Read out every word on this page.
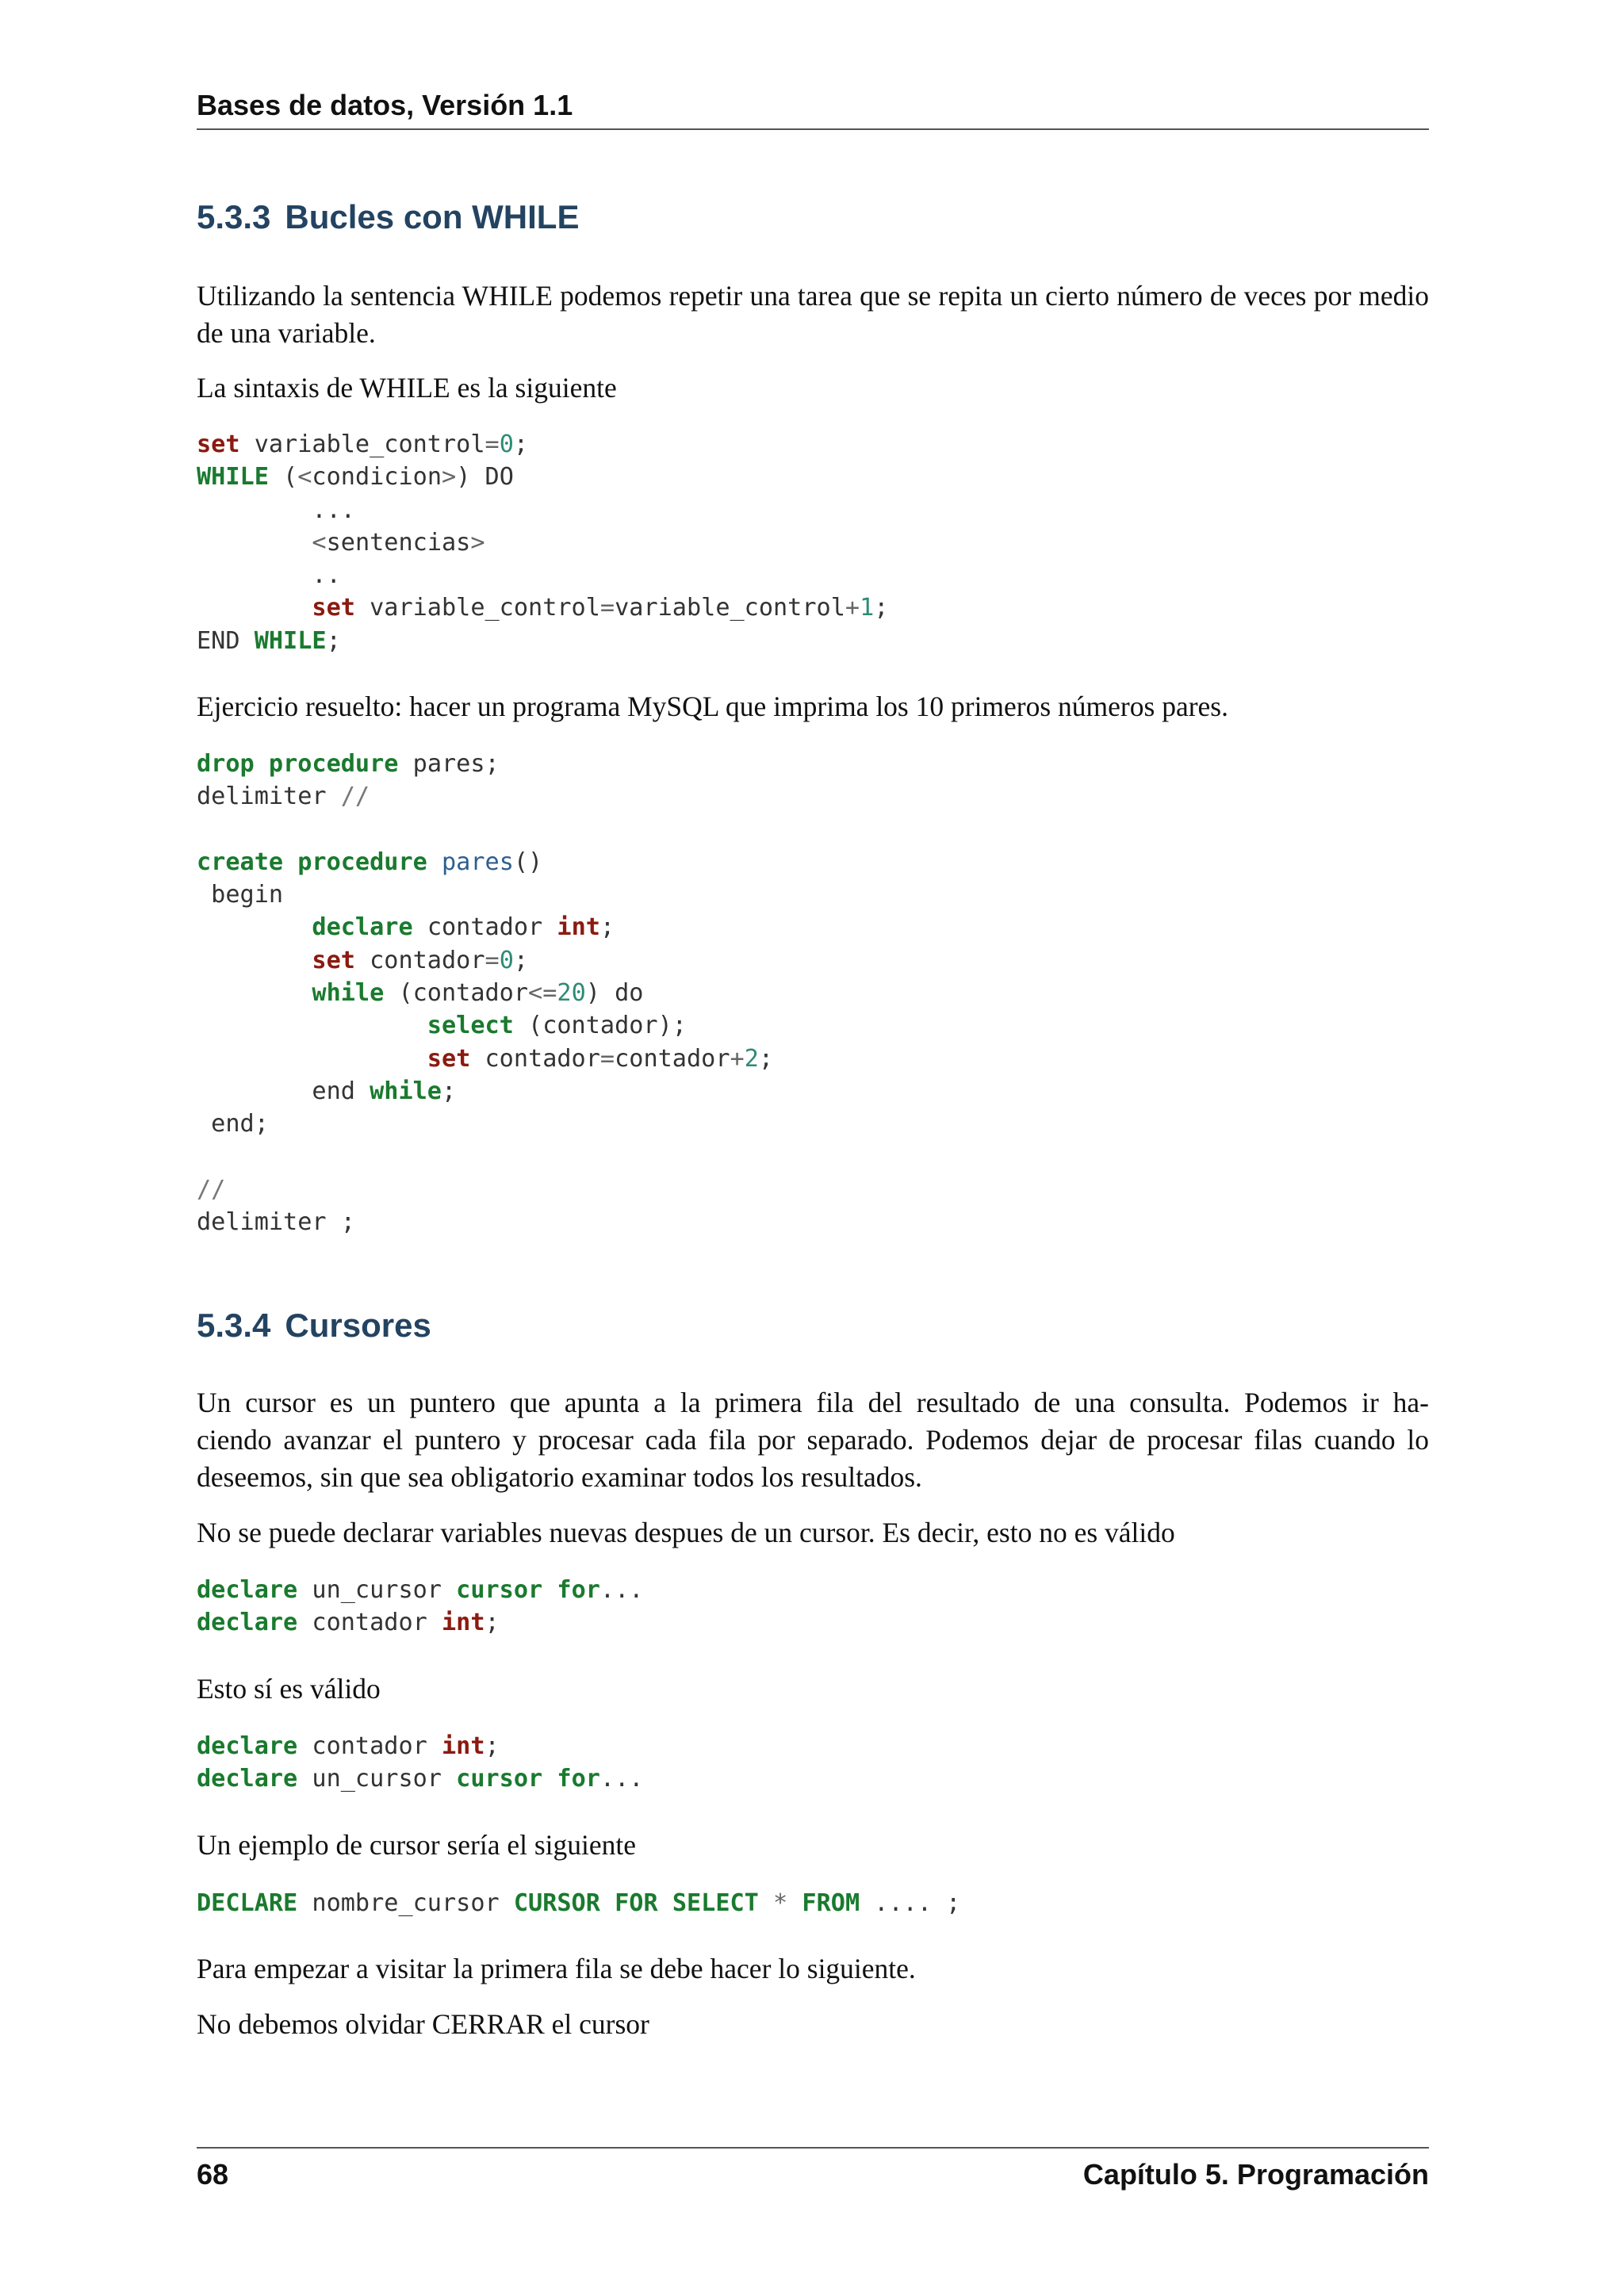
Bases de datos, Versión 1.1
5.3.3 Bucles con WHILE

Utilizando la sentencia WHILE podemos repetir una tarea que se repita un cierto número de veces por medio de una variable.

La sintaxis de WHILE es la siguiente

set variable_control=0;
WHILE (<condicion>) DO
...
<sentencias>
..
set variable_control=variable_control+1;
END WHILE;

Ejercicio resuelto: hacer un programa MySQL que imprima los 10 primeros números pares.

drop procedure pares;
delimiter //

create procedure pares()
begin
declare contador int;
set contador=0;
while (contador<=20) do
select (contador);
set contador=contador+2;
end while;
end;

//
delimiter ;
5.3.4 Cursores
Un cursor es un puntero que apunta a la primera fila del resultado de una consulta. Podemos ir ha-
ciendo avanzar el puntero y procesar cada fila por separado. Podemos dejar de procesar filas cuando lo
deseemos, sin que sea obligatorio examinar todos los resultados.

No se puede declarar variables nuevas despues de un cursor. Es decir, esto no es válido

declare un_cursor cursor for...
declare contador int;

Esto sí es válido

declare contador int;
declare un_cursor cursor for...

Un ejemplo de cursor sería el siguiente

DECLARE nombre_cursor CURSOR FOR SELECT * FROM .... ;

Para empezar a visitar la primera fila se debe hacer lo siguiente.

No debemos olvidar CERRAR el cursor

68	Capítulo 5. Programación
